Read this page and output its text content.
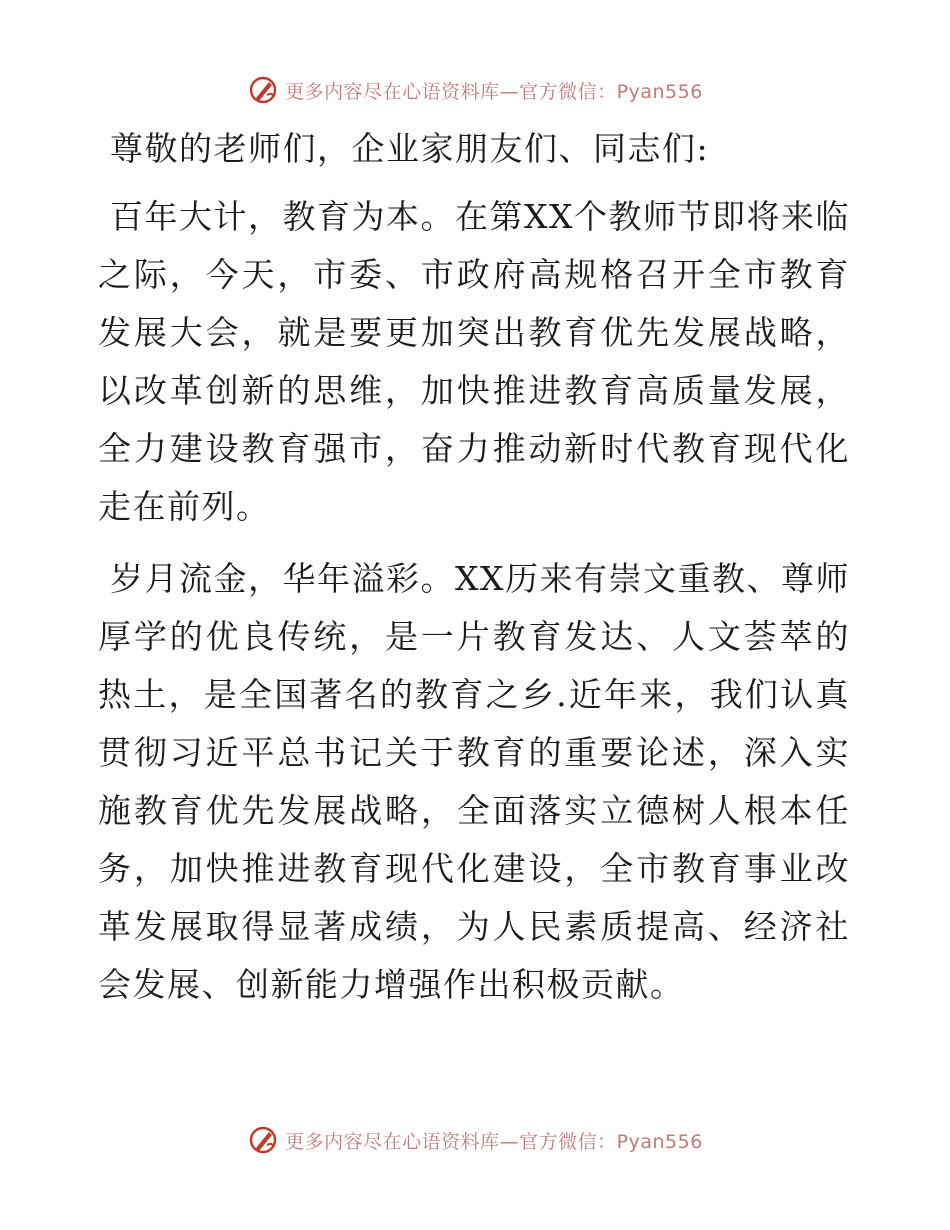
更多内容尽在心语资料库—官方微信：Pyan556

尊敬的老师们，企业家朋友们、同志们:

百年大计，教育为本。在第XX个教师节即将来临之际，今天，市委、市政府高规格召开全市教育发展大会，就是要更加突出教育优先发展战略，以改革创新的思维，加快推进教育高质量发展，全力建设教育强市，奋力推动新时代教育现代化走在前列。

岁月流金，华年溢彩。XX历来有崇文重教、尊师厚学的优良传统，是一片教育发达、人文荟萃的热土，是全国著名的教育之乡.近年来，我们认真贯彻习近平总书记关于教育的重要论述，深入实施教育优先发展战略，全面落实立德树人根本任务，加快推进教育现代化建设，全市教育事业改革发展取得显著成绩，为人民素质提高、经济社会发展、创新能力增强作出积极贡献。

更多内容尽在心语资料库—官方微信：Pyan556
